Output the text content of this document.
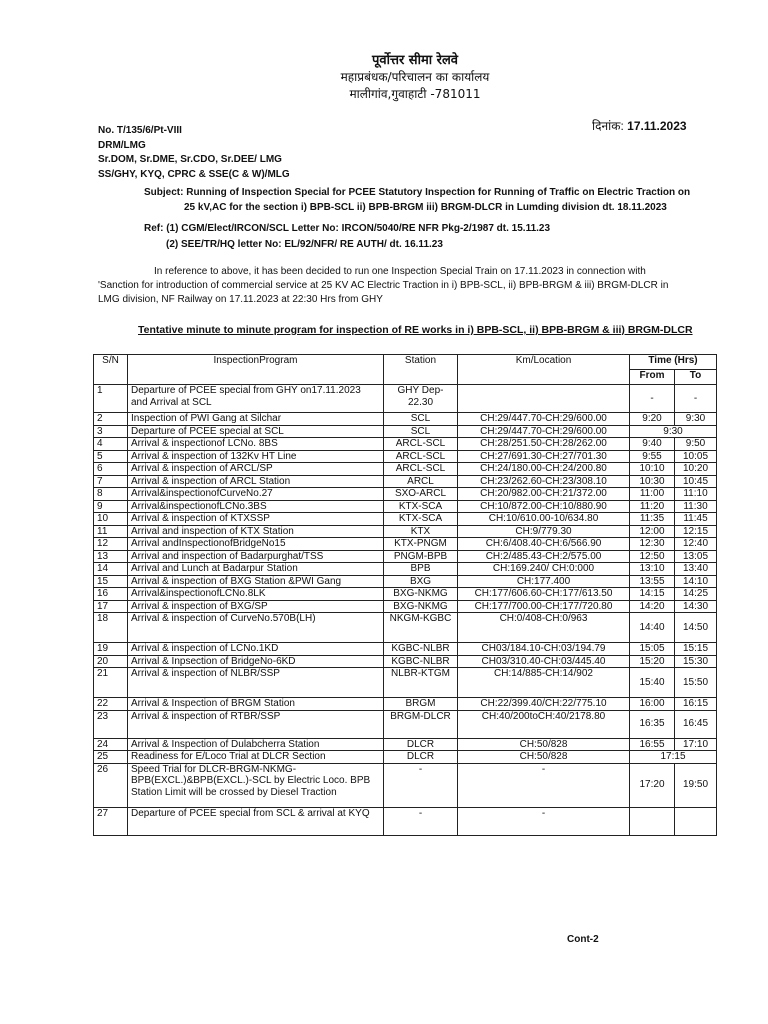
पूर्वोत्तर सीमा रेलवे
महाप्रबंधक/परिचालन का कार्यालय
मालीगांव,गुवाहाटी -781011
दिनांक: 17.11.2023
No. T/135/6/Pt-VIII
DRM/LMG
Sr.DOM, Sr.DME, Sr.CDO, Sr.DEE/ LMG
SS/GHY, KYQ, CPRC & SSE(C & W)/MLG
Subject: Running of Inspection Special for PCEE Statutory Inspection for Running of Traffic on Electric Traction on
25 kV,AC for the section i) BPB-SCL ii) BPB-BRGM iii) BRGM-DLCR in Lumding division dt. 18.11.2023
Ref: (1) CGM/Elect/IRCON/SCL Letter No: IRCON/5040/RE NFR Pkg-2/1987 dt. 15.11.23
(2) SEE/TR/HQ letter No: EL/92/NFR/ RE AUTH/ dt. 16.11.23
In reference to above, it has been decided to run one Inspection Special Train on 17.11.2023 in connection with
'Sanction for introduction of commercial service at 25 KV AC Electric Traction in i) BPB-SCL, ii) BPB-BRGM & iii) BRGM-DLCR in
LMG division, NF Railway on 17.11.2023 at 22:30 Hrs from GHY
Tentative minute to minute program for inspection of RE works in i) BPB-SCL, ii) BPB-BRGM & iii) BRGM-DLCR
S/N	InspectionProgram	Station	Km/Location	Time (Hrs)	
				From	To
1	Departure of PCEE special from GHY on17.11.2023 and Arrival at SCL	GHY Dep-22.30		-	-
2	Inspection of PWI Gang at Silchar	SCL	CH:29/447.70-CH:29/600.00	9:20	9:30
3	Departure of PCEE special at SCL	SCL	CH:29/447.70-CH:29/600.00	9:30	
4	Arrival & inspectionof LCNo. 8BS	ARCL-SCL	CH:28/251.50-CH:28/262.00	9:40	9:50
5	Arrival & inspection of 132Kv HT Line	ARCL-SCL	CH:27/691.30-CH:27/701.30	9:55	10:05
6	Arrival & inspection of ARCL/SP	ARCL-SCL	CH:24/180.00-CH:24/200.80	10:10	10:20
7	Arrival & inspection of ARCL Station	ARCL	CH:23/262.60-CH:23/308.10	10:30	10:45
8	Arrival&inspectionofCurveNo.27	SXO-ARCL	CH:20/982.00-CH:21/372.00	11:00	11:10
9	Arrival&inspectionofLCNo.3BS	KTX-SCA	CH:10/872.00-CH:10/880.90	11:20	11:30
10	Arrival & inspection of KTXSSP	KTX-SCA	CH:10/610.00-10/634.80	11:35	11:45
11	Arrival and inspection of KTX Station	KTX	CH:9/779.30	12:00	12:15
12	Arrival andInspectionofBridgeNo15	KTX-PNGM	CH:6/408.40-CH:6/566.90	12:30	12:40
13	Arrival and inspection of Badarpurghat/TSS	PNGM-BPB	CH:2/485.43-CH:2/575.00	12:50	13:05
14	Arrival and Lunch at Badarpur Station	BPB	CH:169.240/ CH:0:000	13:10	13:40
15	Arrival & inspection of BXG Station &PWI Gang	BXG	CH:177.400	13:55	14:10
16	Arrival&inspectionofLCNo.8LK	BXG-NKMG	CH:177/606.60-CH:177/613.50	14:15	14:25
17	Arrival & inspection of BXG/SP	BXG-NKMG	CH:177/700.00-CH:177/720.80	14:20	14:30
18	Arrival & inspection of CurveNo.570B(LH)	NKGM-KGBC	CH:0/408-CH:0/963	14:40	14:50
19	Arrival & inspection of LCNo.1KD	KGBC-NLBR	CH03/184.10-CH:03/194.79	15:05	15:15
20	Arrival & Inpsection of BridgeNo-6KD	KGBC-NLBR	CH03/310.40-CH:03/445.40	15:20	15:30
21	Arrival & inspection of NLBR/SSP	NLBR-KTGM	CH:14/885-CH:14/902	15:40	15:50
22	Arrival & Inspection of BRGM Station	BRGM	CH:22/399.40/CH:22/775.10	16:00	16:15
23	Arrival & inspection of RTBR/SSP	BRGM-DLCR	CH:40/200toCH:40/2178.80	16:35	16:45
24	Arrival & Inspection of Dulabcherra Station	DLCR	CH:50/828	16:55	17:10
25	Readiness for E/Loco Trial at DLCR Section	DLCR	CH:50/828	17:15	
26	Speed Trial for DLCR-BRGM-NKMG-BPB(EXCL.)&BPB(EXCL.)-SCL by Electric Loco. BPB Station Limit will be crossed by Diesel Traction	-	-	17:20	19:50
27	Departure of PCEE special from SCL & arrival at KYQ	-	-		
Cont-2
